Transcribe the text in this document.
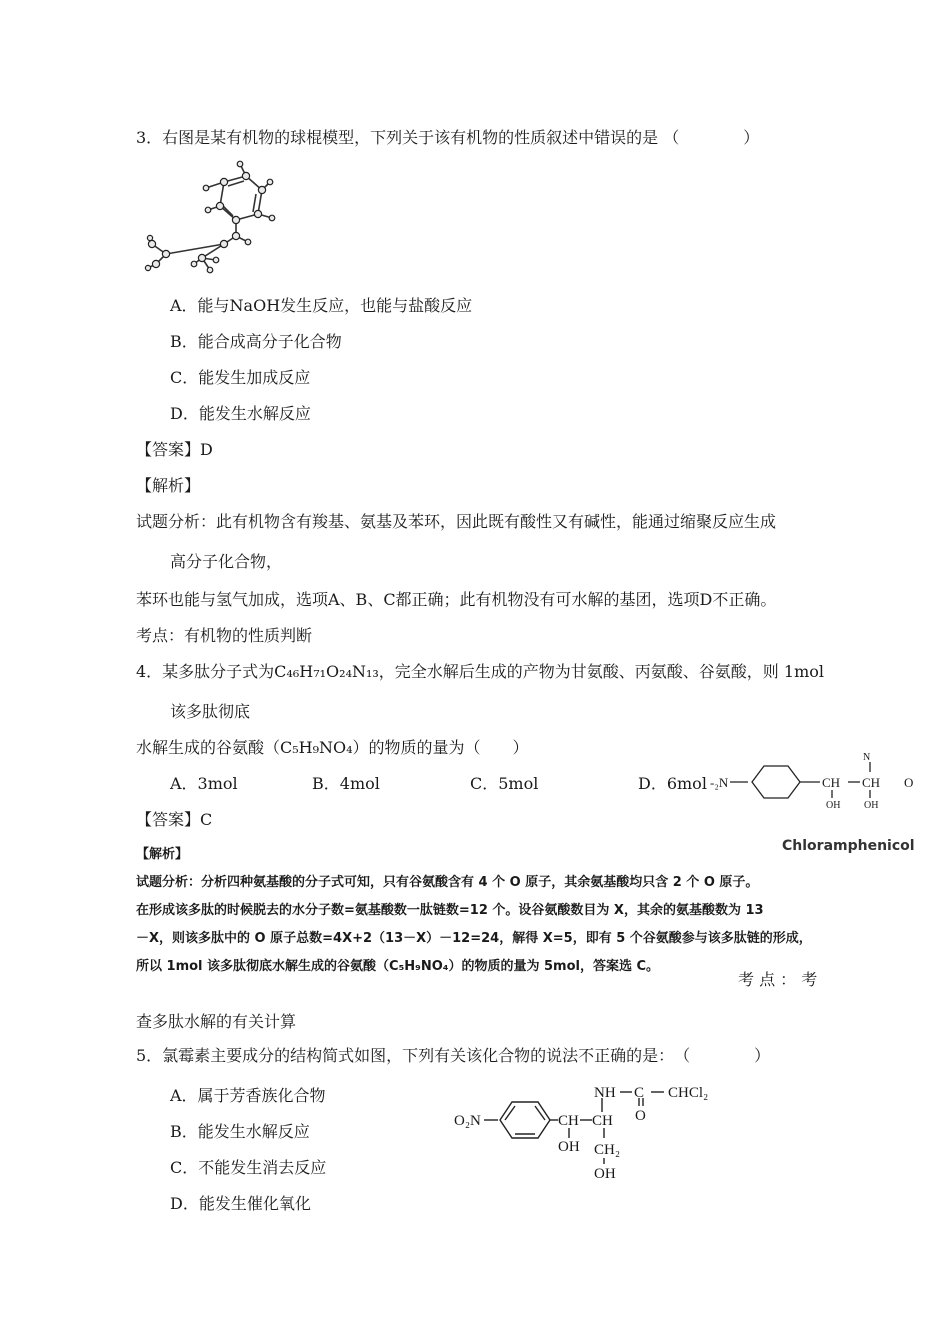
3．右图是某有机物的球棍模型，下列关于该有机物的性质叙述中错误的是 （　　　　）
A．能与NaOH发生反应，也能与盐酸反应
B．能合成高分子化合物
C．能发生加成反应
D．能发生水解反应
【答案】D
【解析】
试题分析：此有机物含有羧基、氨基及苯环，因此既有酸性又有碱性，能通过缩聚反应生成
高分子化合物，
苯环也能与氢气加成，选项A、B、C都正确；此有机物没有可水解的基团，选项D不正确。
考点：有机物的性质判断
4．某多肽分子式为C₄₆H₇₁O₂₄N₁₃，完全水解后生成的产物为甘氨酸、丙氨酸、谷氨酸，则 1mol
该多肽彻底
水解生成的谷氨酸（C₅H₉NO₄）的物质的量为（　　）
A．3mol	B．4mol	C．5mol	D．6mol -₂N	CH CH
N
O
OH OH
Chloramphenicol
【答案】C
【解析】
试题分析：分析四种氨基酸的分子式可知，只有谷氨酸含有 4 个 O 原子，其余氨基酸均只含 2 个 O 原子。
在形成该多肽的时候脱去的水分子数=氨基酸数一肽链数=12 个。设谷氨酸数目为 X，其余的氨基酸数为 13
－X，则该多肽中的 O 原子总数=4X+2（13－X）－12=24，解得 X=5，即有 5 个谷氨酸参与该多肽链的形成，
所以 1mol 该多肽彻底水解生成的谷氨酸（C₅H₉NO₄）的物质的量为 5mol，答案选 C。
考 点 ： 考
查多肽水解的有关计算
5．氯霉素主要成分的结构简式如图，下列有关该化合物的说法不正确的是：　（　　　　）
A．属于芳香族化合物
B．能发生水解反应
C．不能发生消去反应
D．能发生催化氧化
O₂N	CH CH
NH C CHCl₂
O
OH CH₂
OH
